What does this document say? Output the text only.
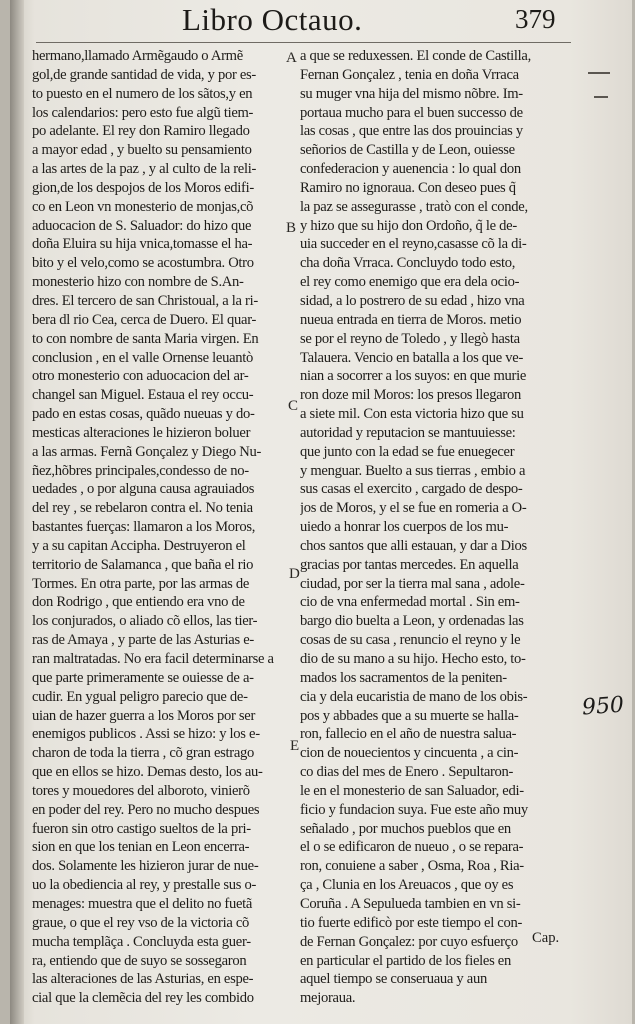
Libro Octauo.	379
hermano,llamado Armẽgaudo o Armẽ
gol,de grande santidad de vida, y por es-
to puesto en el numero de los sãtos,y en
los calendarios: pero esto fue algũ tiem-
po adelante. El rey don Ramiro llegado
a mayor edad , y buelto su pensamiento
a las artes de la paz , y al culto de la reli-
gion,de los despojos de los Moros edifi-
co en Leon vn monesterio de monjas,cõ
aduocacion de S. Saluador: do hizo que
doña Eluira su hija vnica,tomasse el ha-
bito y el velo,como se acostumbra. Otro
monesterio hizo con nombre de S.An-
dres. El tercero de san Christoual, a la ri-
bera dl rio Cea, cerca de Duero. El quar-
to con nombre de santa Maria virgen. En
conclusion , en el valle Ornense leuantò
otro monesterio con aduocacion del ar-
changel san Miguel. Estaua el rey occu-
pado en estas cosas, quãdo nueuas y do-
mesticas alteraciones le hizieron boluer
a las armas. Fernã Gonçalez y Diego Nu-
ñez,hõbres principales,condesso de no-
uedades , o por alguna causa agrauiados
del rey , se rebelaron contra el. No tenia
bastantes fuerças: llamaron a los Moros,
y a su capitan Accipha. Destruyeron el
territorio de Salamanca , que baña el rio
Tormes. En otra parte, por las armas de
don Rodrigo , que entiendo era vno de
los conjurados, o aliado cõ ellos, las tier-
ras de Amaya , y parte de las Asturias e-
ran maltratadas. No era facil determinarse a
que parte primeramente se ouiesse de a-
cudir. En ygual peligro parecio que de-
uian de hazer guerra a los Moros por ser
enemigos publicos . Assi se hizo: y los e-
charon de toda la tierra , cõ gran estrago
que en ellos se hizo. Demas desto, los au-
tores y mouedores del alboroto, vinierõ
en poder del rey. Pero no mucho despues
fueron sin otro castigo sueltos de la pri-
sion en que los tenian en Leon encerra-
dos. Solamente les hizieron jurar de nue-
uo la obediencia al rey, y prestalle sus o-
menages: muestra que el delito no fuetã
graue, o que el rey vso de la victoria cõ
mucha templãça . Concluyda esta guer-
ra, entiendo que de suyo se sossegaron
las alteraciones de las Asturias, en espe-
cial que la clemẽcia del rey les combido
a que se reduxessen. El conde de Castilla,
Fernan Gonçalez , tenia en doña Vrraca
su muger vna hija del mismo nõbre. Im-
portaua mucho para el buen successo de
las cosas , que entre las dos prouincias y
señorios de Castilla y de Leon, ouiesse
confederacion y auenencia : lo qual don
Ramiro no ignoraua. Con deseo pues q̃
la paz se assegurasse , tratò con el conde,
y hizo que su hijo don Ordoño, q̃ le de-
uia succeder en el reyno,casasse cõ la di-
cha doña Vrraca. Concluydo todo esto,
el rey como enemigo que era dela ocio-
sidad, a lo postrero de su edad , hizo vna
nueua entrada en tierra de Moros. metio
se por el reyno de Toledo , y llegò hasta
Talauera. Vencio en batalla a los que ve-
nian a socorrer a los suyos: en que murie
ron doze mil Moros: los presos llegaron
a siete mil. Con esta victoria hizo que su
autoridad y reputacion se mantuuiesse:
que junto con la edad se fue enuegecer
y menguar. Buelto a sus tierras , embio a
sus casas el exercito , cargado de despo-
jos de Moros, y el se fue en romeria a O-
uiedo a honrar los cuerpos de los mu-
chos santos que alli estauan, y dar a Dios
gracias por tantas mercedes. En aquella
ciudad, por ser la tierra mal sana , adole-
cio de vna enfermedad mortal . Sin em-
bargo dio buelta a Leon, y ordenadas las
cosas de su casa , renuncio el reyno y le
dio de su mano a su hijo. Hecho esto, to-
mados los sacramentos de la peniten-
cia y dela eucaristia de mano de los obis-
pos y abbades que a su muerte se halla-
ron, fallecio en el año de nuestra saluа-
cion de nouecientos y cincuenta , a cin-
co dias del mes de Enero . Sepultaron-
le en el monesterio de san Saluador, edi-
ficio y fundacion suya. Fue este año muy
señalado , por muchos pueblos que en
el o se edificaron de nueuo , o se repara-
ron, conuiene a saber , Osma, Roa , Ria-
ça , Clunia en los Areuacos , que oy es
Coruña . A Sepulueda tambien en vn si-
tio fuerte edificò por este tiempo el con-
de Fernan Gonçalez: por cuyo esfuerço
en particular el partido de los fieles en
aquel tiempo se conseruaua y aun
mejoraua.
A
B
C
D
E
950
Cap.
